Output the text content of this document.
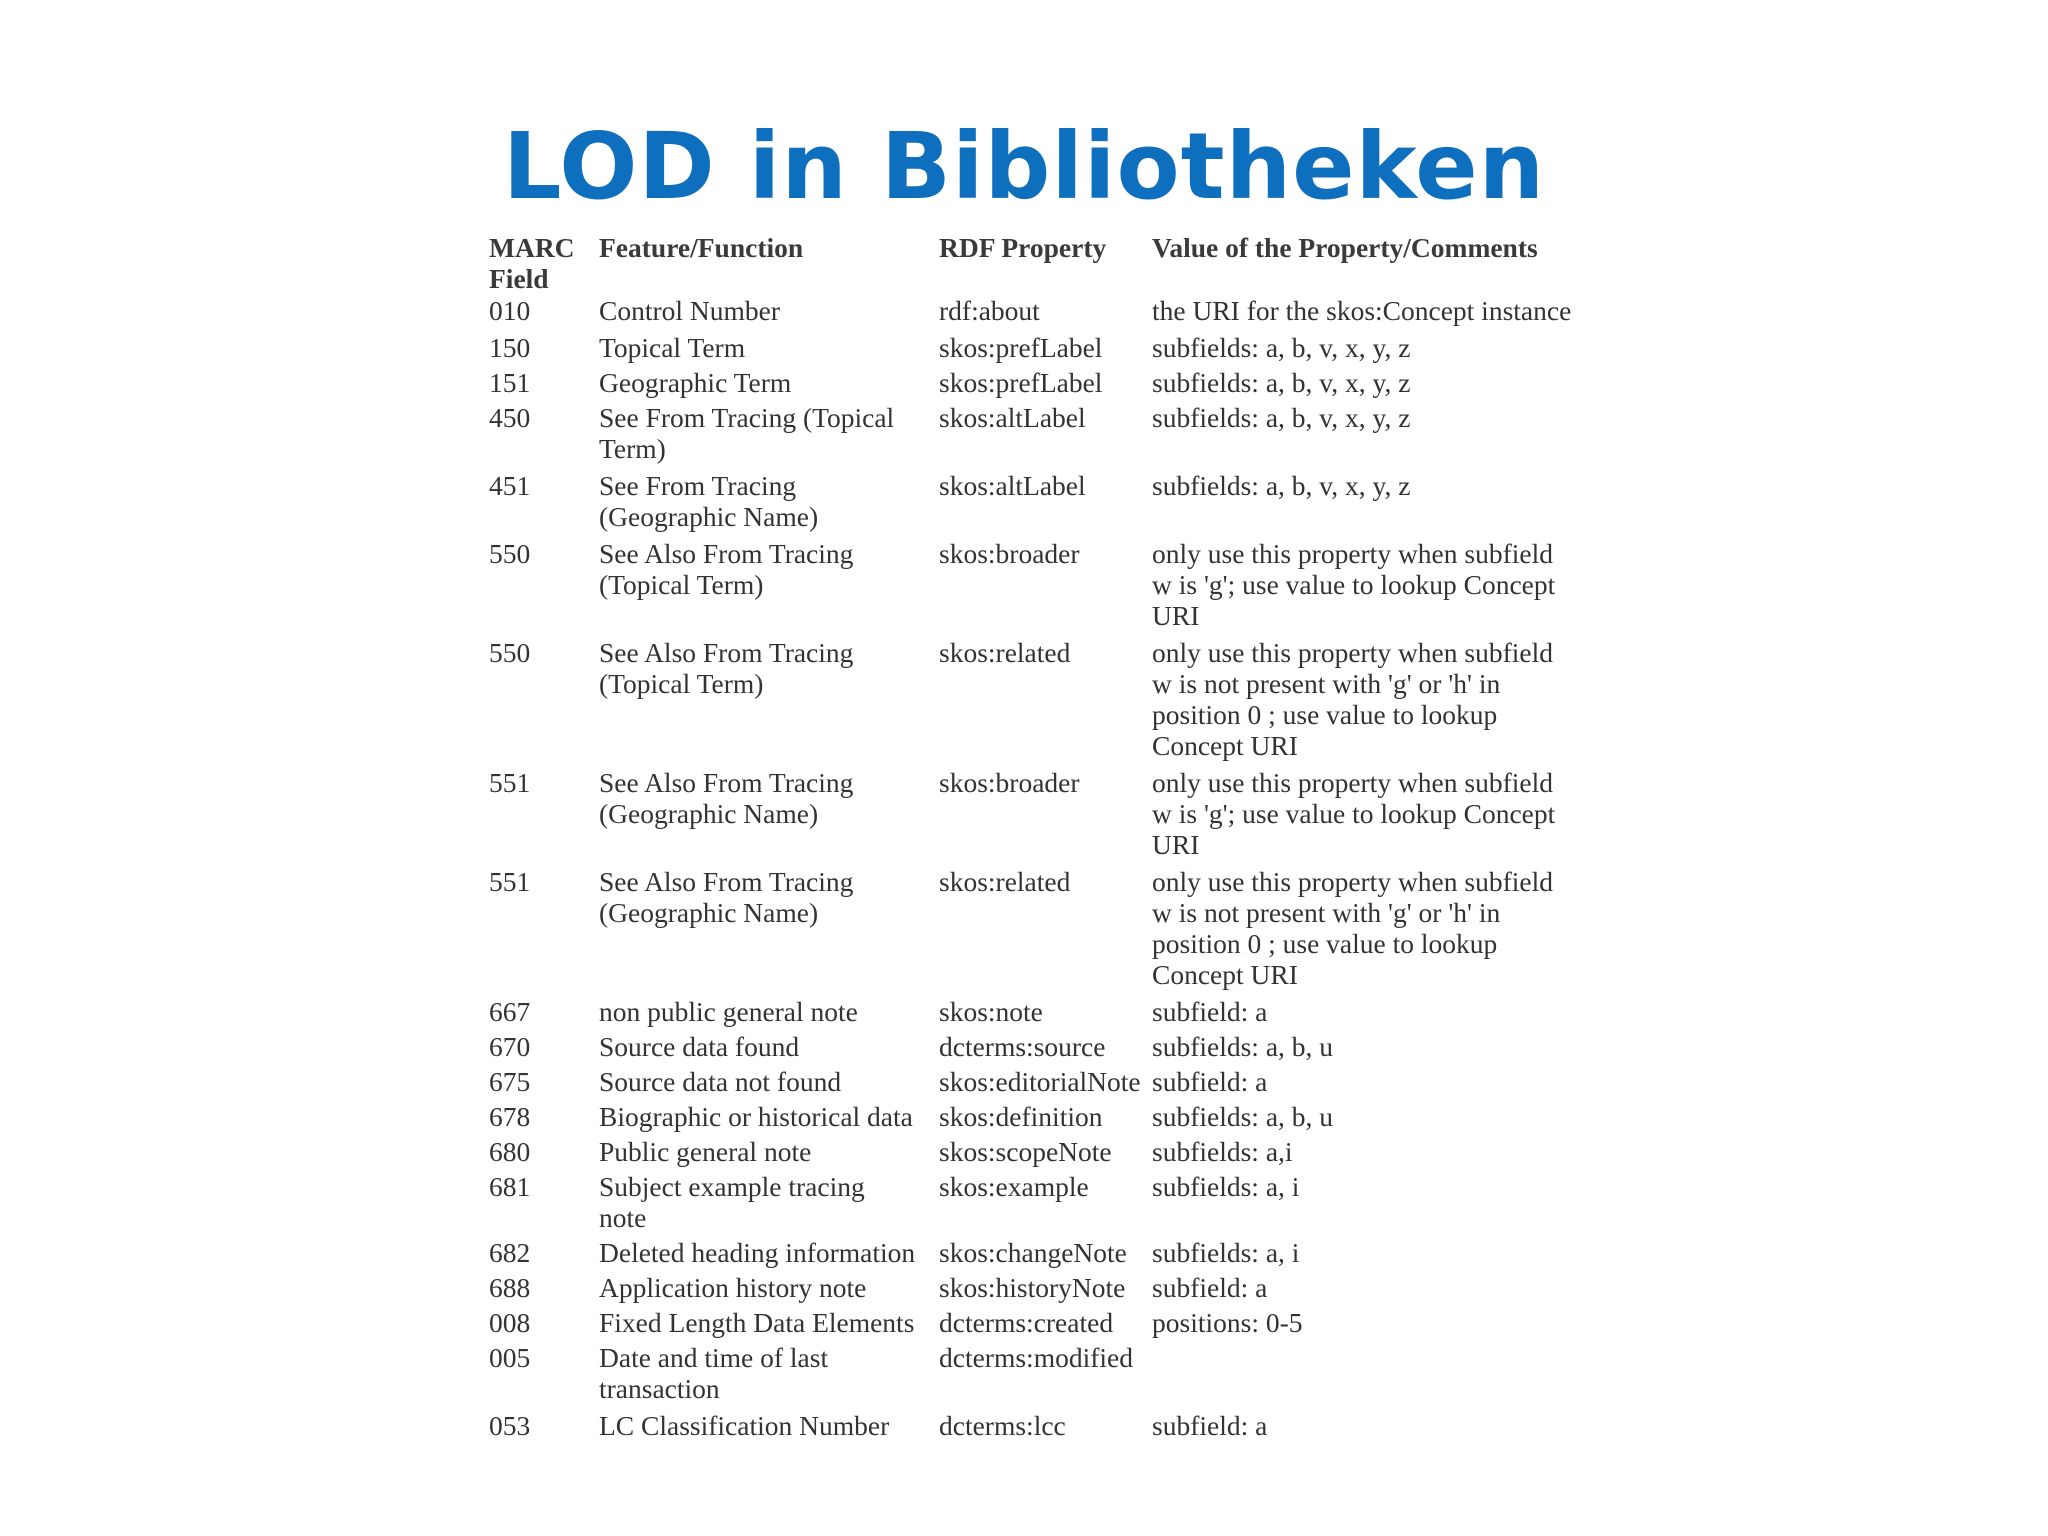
LOD in Bibliotheken
MARC Field	Feature/Function	RDF Property	Value of the Property/Comments
010	Control Number	rdf:about	the URI for the skos:Concept instance
150	Topical Term	skos:prefLabel	subfields: a, b, v, x, y, z
151	Geographic Term	skos:prefLabel	subfields: a, b, v, x, y, z
450	See From Tracing (Topical Term)	skos:altLabel	subfields: a, b, v, x, y, z
451	See From Tracing (Geographic Name)	skos:altLabel	subfields: a, b, v, x, y, z
550	See Also From Tracing (Topical Term)	skos:broader	only use this property when subfield w is 'g'; use value to lookup Concept URI
550	See Also From Tracing (Topical Term)	skos:related	only use this property when subfield w is not present with 'g' or 'h' in position 0 ; use value to lookup Concept URI
551	See Also From Tracing (Geographic Name)	skos:broader	only use this property when subfield w is 'g'; use value to lookup Concept URI
551	See Also From Tracing (Geographic Name)	skos:related	only use this property when subfield w is not present with 'g' or 'h' in position 0 ; use value to lookup Concept URI
667	non public general note	skos:note	subfield: a
670	Source data found	dcterms:source	subfields: a, b, u
675	Source data not found	skos:editorialNote	subfield: a
678	Biographic or historical data	skos:definition	subfields: a, b, u
680	Public general note	skos:scopeNote	subfields: a,i
681	Subject example tracing note	skos:example	subfields: a, i
682	Deleted heading information	skos:changeNote	subfields: a, i
688	Application history note	skos:historyNote	subfield: a
008	Fixed Length Data Elements	dcterms:created	positions: 0-5
005	Date and time of last transaction	dcterms:modified	
053	LC Classification Number	dcterms:lcc	subfield: a
